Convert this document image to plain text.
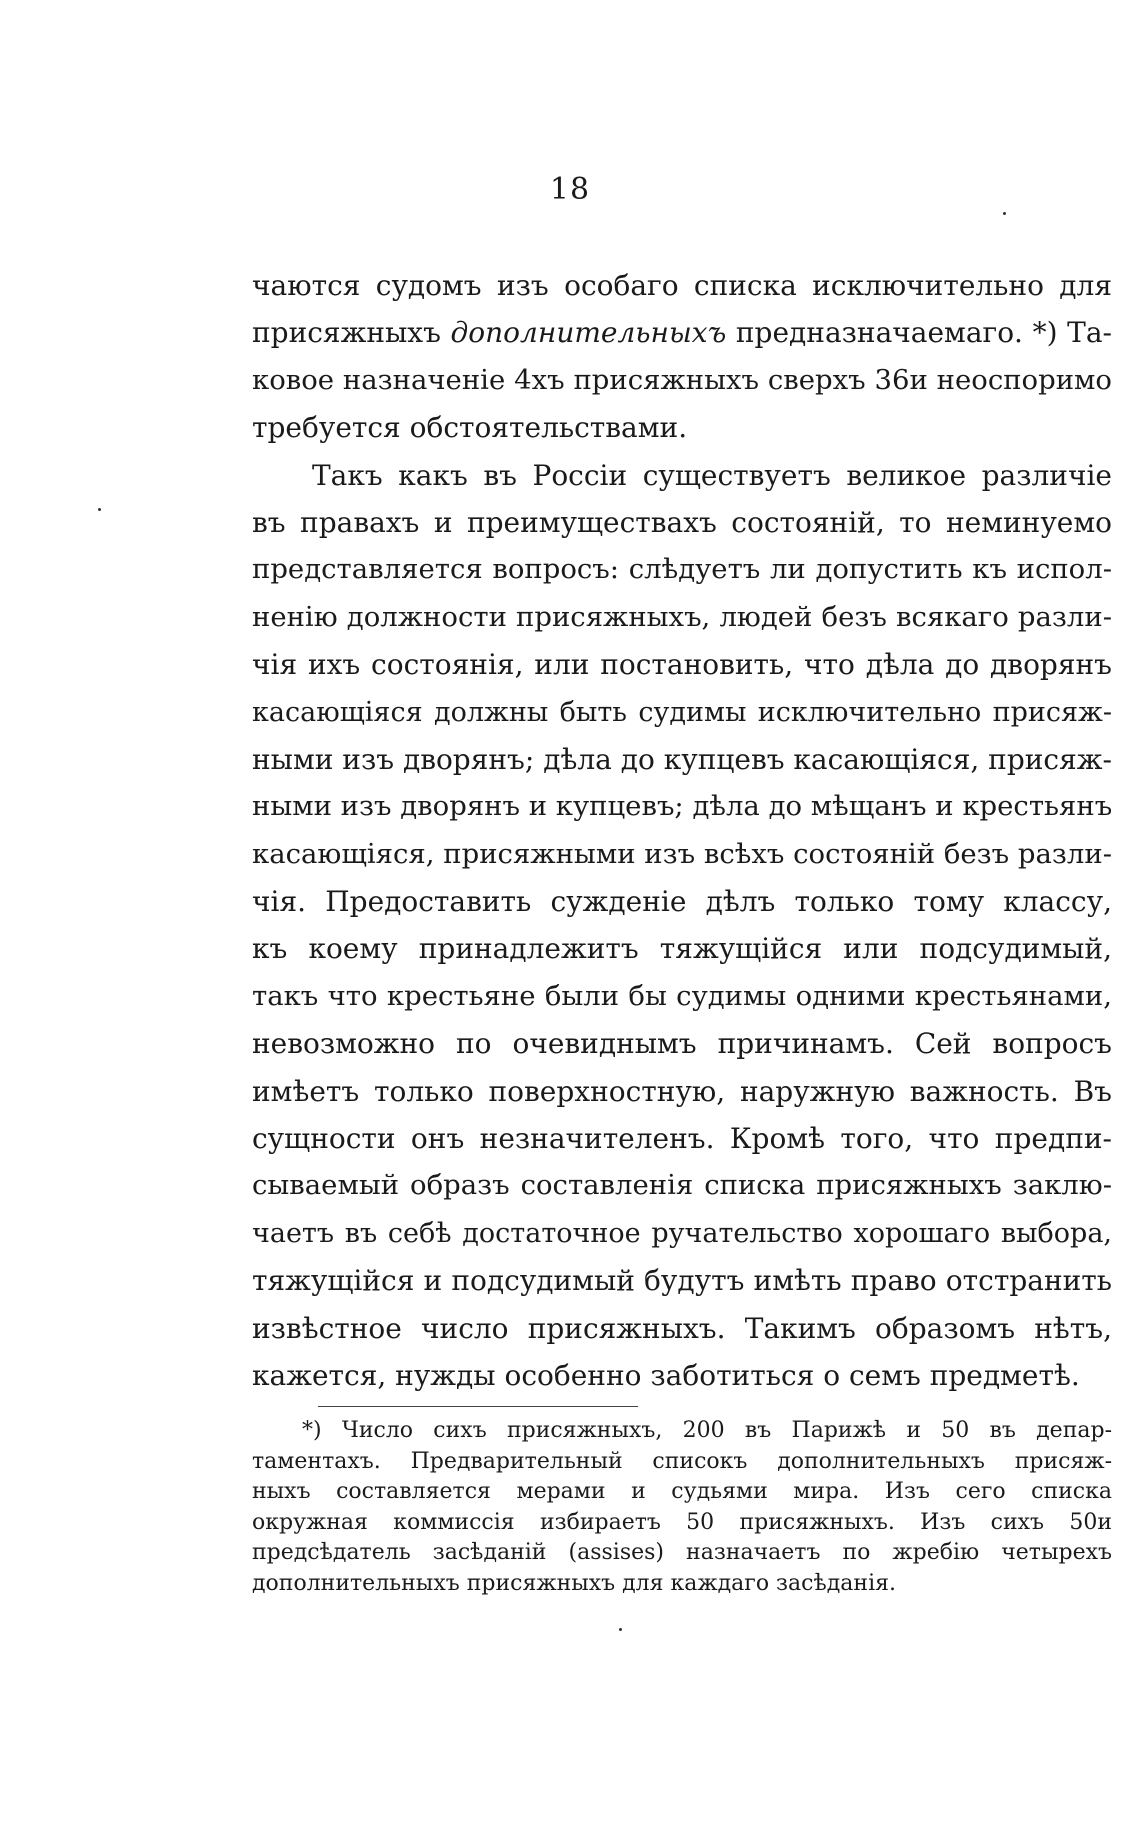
18
чаются судомъ изъ особаго списка исключительно для
присяжныхъ дополнительныхъ предназначаемаго. *) Та-
ковое назначенiе 4хъ присяжныхъ сверхъ 36и неоспоримо
требуется обстоятельствами.
Такъ какъ въ Россiи существуетъ великое различiе
въ правахъ и преимуществахъ состоянiй, то неминуемо
представляется вопросъ: слѣдуетъ ли допустить къ испол-
ненiю должности присяжныхъ, людей безъ всякаго разли-
чiя ихъ состоянiя, или постановить, что дѣла до дворянъ
касающiяся должны быть судимы исключительно присяж-
ными изъ дворянъ; дѣла до купцевъ касающiяся, присяж-
ными изъ дворянъ и купцевъ; дѣла до мѣщанъ и крестьянъ
касающiяся, присяжными изъ всѣхъ состоянiй безъ разли-
чiя. Предоставить сужденiе дѣлъ только тому классу,
къ коему принадлежитъ тяжущiйся или подсудимый,
такъ что крестьяне были бы судимы одними крестьянами,
невозможно по очевиднымъ причинамъ. Сей вопросъ
имѣетъ только поверхностную, наружную важность. Въ
сущности онъ незначителенъ. Кромѣ того, что предпи-
сываемый образъ составленiя списка присяжныхъ заклю-
чаетъ въ себѣ достаточное ручательство хорошаго выбора,
тяжущiйся и подсудимый будутъ имѣть право отстранить
извѣстное число присяжныхъ. Такимъ образомъ нѣтъ,
кажется, нужды особенно заботиться о семъ предметѣ.
*) Число сихъ присяжныхъ, 200 въ Парижѣ и 50 въ депар-
таментахъ. Предварительный списокъ дополнительныхъ присяж-
ныхъ составляется мерами и судьями мира. Изъ сего списка
окружная коммиссiя избираетъ 50 присяжныхъ. Изъ сихъ 50и
предсѣдатель засѣданiй (assises) назначаетъ по жребiю четырехъ
дополнительныхъ присяжныхъ для каждаго засѣданiя.
